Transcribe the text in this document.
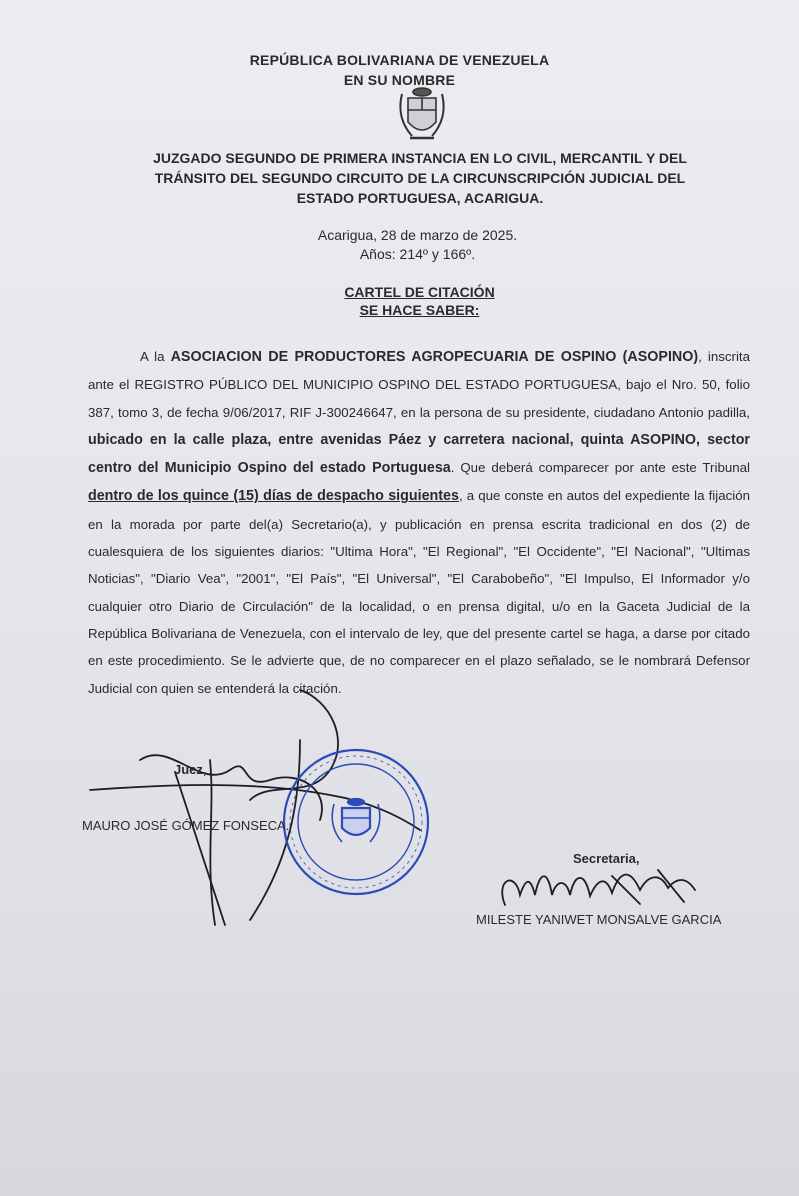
REPÚBLICA BOLIVARIANA DE VENEZUELA
EN SU NOMBRE
JUZGADO SEGUNDO DE PRIMERA INSTANCIA EN LO CIVIL, MERCANTIL Y DEL
TRÁNSITO DEL SEGUNDO CIRCUITO DE LA CIRCUNSCRIPCIÓN JUDICIAL DEL
ESTADO PORTUGUESA, ACARIGUA.
Acarigua, 28 de marzo de 2025.
Años: 214º y 166º.
CARTEL DE CITACIÓN
SE HACE SABER:
A la ASOCIACION DE PRODUCTORES AGROPECUARIA DE OSPINO (ASOPINO), inscrita ante el REGISTRO PÚBLICO DEL MUNICIPIO OSPINO DEL ESTADO PORTUGUESA, bajo el Nro. 50, folio 387, tomo 3, de fecha 9/06/2017, RIF J-300246647, en la persona de su presidente, ciudadano Antonio padilla, ubicado en la calle plaza, entre avenidas Páez y carretera nacional, quinta ASOPINO, sector centro del Municipio Ospino del estado Portuguesa. Que deberá comparecer por ante este Tribunal dentro de los quince (15) días de despacho siguientes, a que conste en autos del expediente la fijación en la morada por parte del(a) Secretario(a), y publicación en prensa escrita tradicional en dos (2) de cualesquiera de los siguientes diarios: "Ultima Hora", "El Regional", "El Occidente", "El Nacional", "Ultimas Noticias", "Diario Vea", "2001", "El País", "El Universal", "El Carabobeño", "El Impulso, El Informador y/o cualquier otro Diario de Circulación" de la localidad, o en prensa digital, u/o en la Gaceta Judicial de la República Bolivariana de Venezuela, con el intervalo de ley, que del presente cartel se haga, a darse por citado en este procedimiento. Se le advierte que, de no comparecer en el plazo señalado, se le nombrará Defensor Judicial con quien se entenderá la citación.
Juez,
MAURO JOSÉ GÓMEZ FONSECA.
Secretaria,
MILESTE YANIWET MONSALVE GARCIA
